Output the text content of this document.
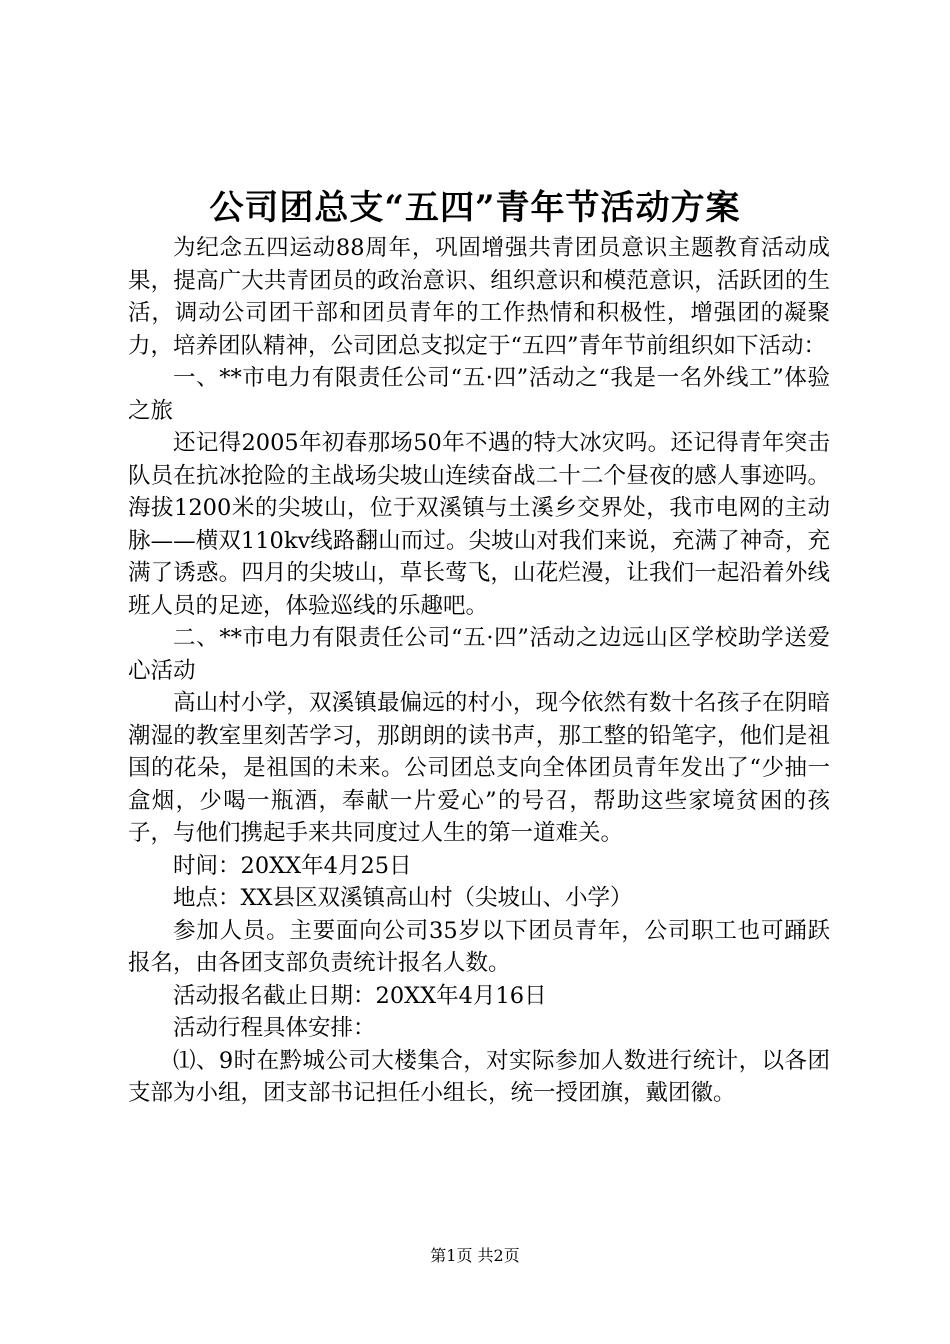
公司团总支“五四”青年节活动方案

为纪念五四运动88周年，巩固增强共青团员意识主题教育活动成果，提高广大共青团员的政治意识、组织意识和模范意识，活跃团的生活，调动公司团干部和团员青年的工作热情和积极性，增强团的凝聚力，培养团队精神，公司团总支拟定于“五四”青年节前组织如下活动：

一、**市电力有限责任公司“五·四”活动之“我是一名外线工”体验之旅

还记得2005年初春那场50年不遇的特大冰灾吗。还记得青年突击队员在抗冰抢险的主战场尖坡山连续奋战二十二个昼夜的感人事迹吗。海拔1200米的尖坡山，位于双溪镇与土溪乡交界处，我市电网的主动脉——横双110kv线路翻山而过。尖坡山对我们来说，充满了神奇，充满了诱惑。四月的尖坡山，草长莺飞，山花烂漫，让我们一起沿着外线班人员的足迹，体验巡线的乐趣吧。

二、**市电力有限责任公司“五·四”活动之边远山区学校助学送爱心活动

高山村小学，双溪镇最偏远的村小，现今依然有数十名孩子在阴暗潮湿的教室里刻苦学习，那朗朗的读书声，那工整的铅笔字，他们是祖国的花朵，是祖国的未来。公司团总支向全体团员青年发出了“少抽一盒烟，少喝一瓶酒，奉献一片爱心”的号召，帮助这些家境贫困的孩子，与他们携起手来共同度过人生的第一道难关。

时间：20XX年4月25日

地点：XX县区双溪镇高山村（尖坡山、小学）

参加人员。主要面向公司35岁以下团员青年，公司职工也可踊跃报名，由各团支部负责统计报名人数。

活动报名截止日期：20XX年4月16日

活动行程具体安排：

⑴、9时在黔城公司大楼集合，对实际参加人数进行统计，以各团支部为小组，团支部书记担任小组长，统一授团旗，戴团徽。

第1页 共2页
